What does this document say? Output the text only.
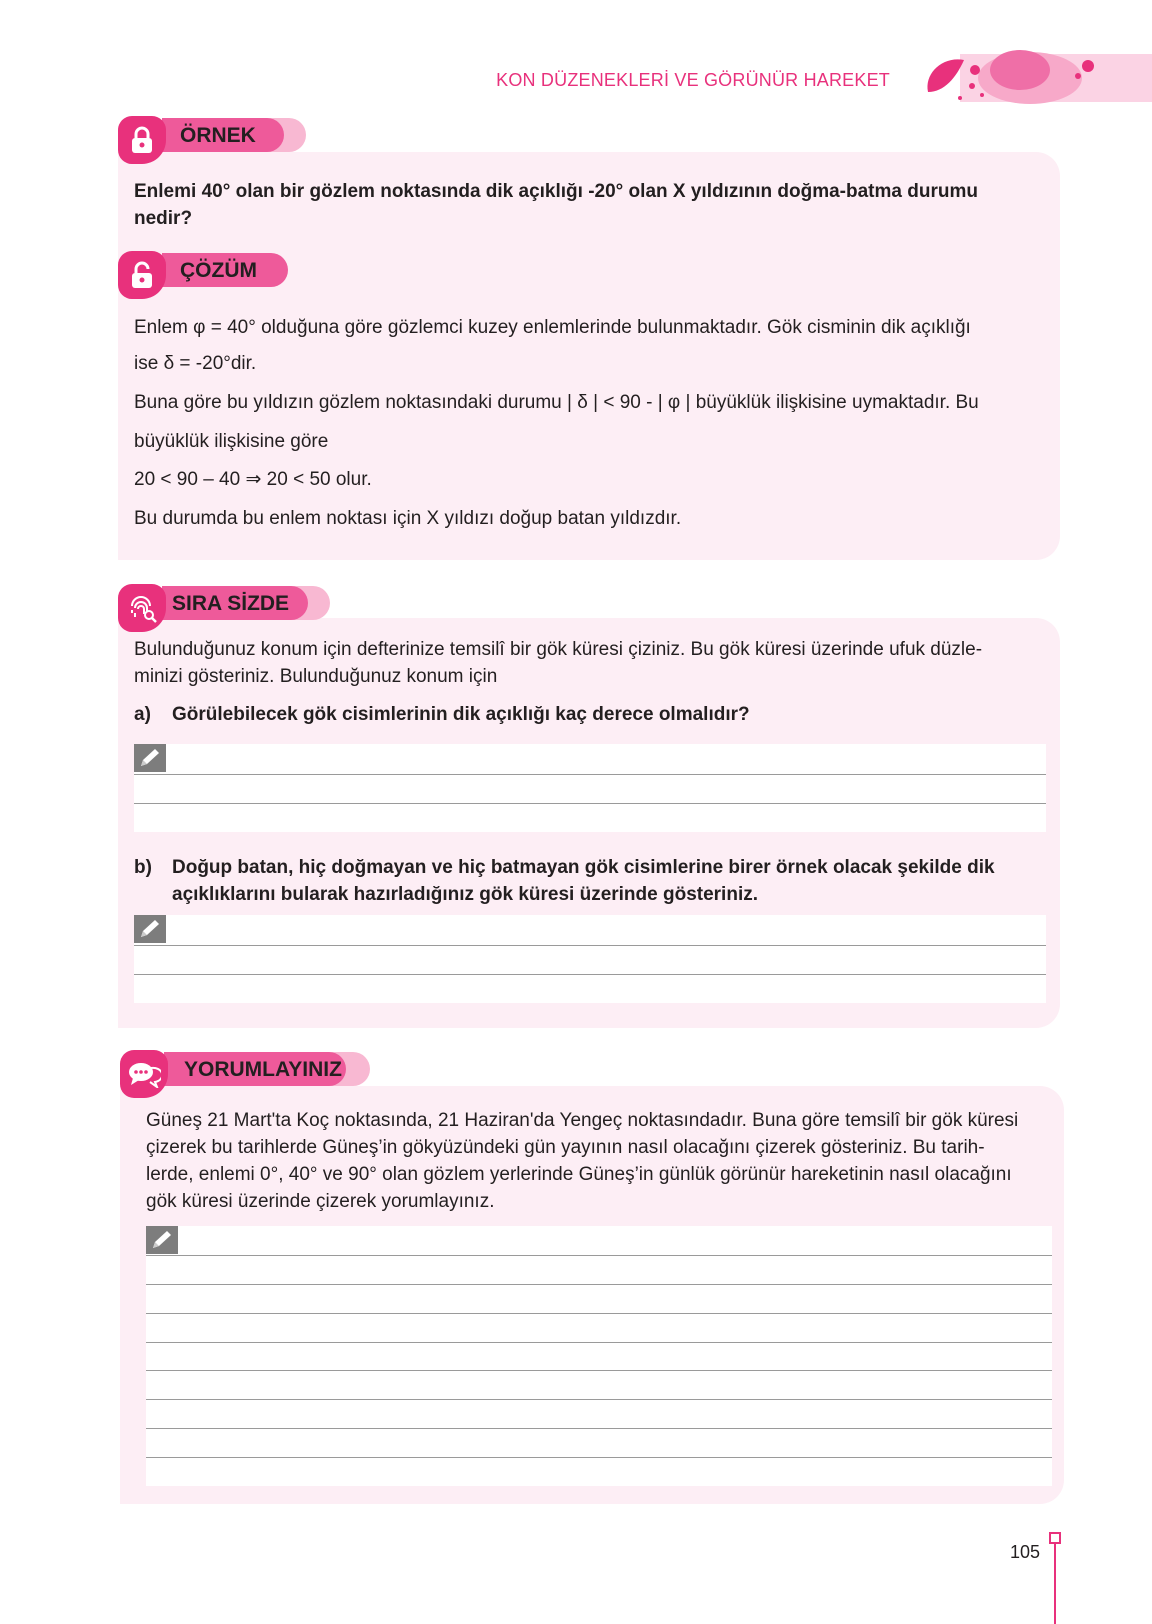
KON DÜZENEKLERİ VE GÖRÜNÜR HAREKET
ÖRNEK
Enlemi 40° olan bir gözlem noktasında dik açıklığı -20° olan X yıldızının doğma-batma durumu
nedir?
ÇÖZÜM
Enlem φ = 40° olduğuna göre gözlemci kuzey enlemlerinde bulunmaktadır. Gök cisminin dik açıklığı
ise δ = -20°dir.
Buna göre bu yıldızın gözlem noktasındaki durumu | δ | < 90 - | φ | büyüklük ilişkisine uymaktadır. Bu
büyüklük ilişkisine göre
20 < 90 – 40 ⇒ 20 < 50 olur.
Bu durumda bu enlem noktası için X yıldızı doğup batan yıldızdır.
SIRA SİZDE
Bulunduğunuz konum için defterinize temsilî bir gök küresi çiziniz. Bu gök küresi üzerinde ufuk düzle-
minizi gösteriniz. Bulunduğunuz konum için
a) Görülebilecek gök cisimlerinin dik açıklığı kaç derece olmalıdır?
b) Doğup batan, hiç doğmayan ve hiç batmayan gök cisimlerine birer örnek olacak şekilde dik
açıklıklarını bularak hazırladığınız gök küresi üzerinde gösteriniz.
YORUMLAYINIZ
Güneş 21 Mart'ta Koç noktasında, 21 Haziran'da Yengeç noktasındadır. Buna göre temsilî bir gök küresi
çizerek bu tarihlerde Güneş’in gökyüzündeki gün yayının nasıl olacağını çizerek gösteriniz. Bu tarih-
lerde, enlemi 0°, 40° ve 90° olan gözlem yerlerinde Güneş’in günlük görünür hareketinin nasıl olacağını
gök küresi üzerinde çizerek yorumlayınız.
105
